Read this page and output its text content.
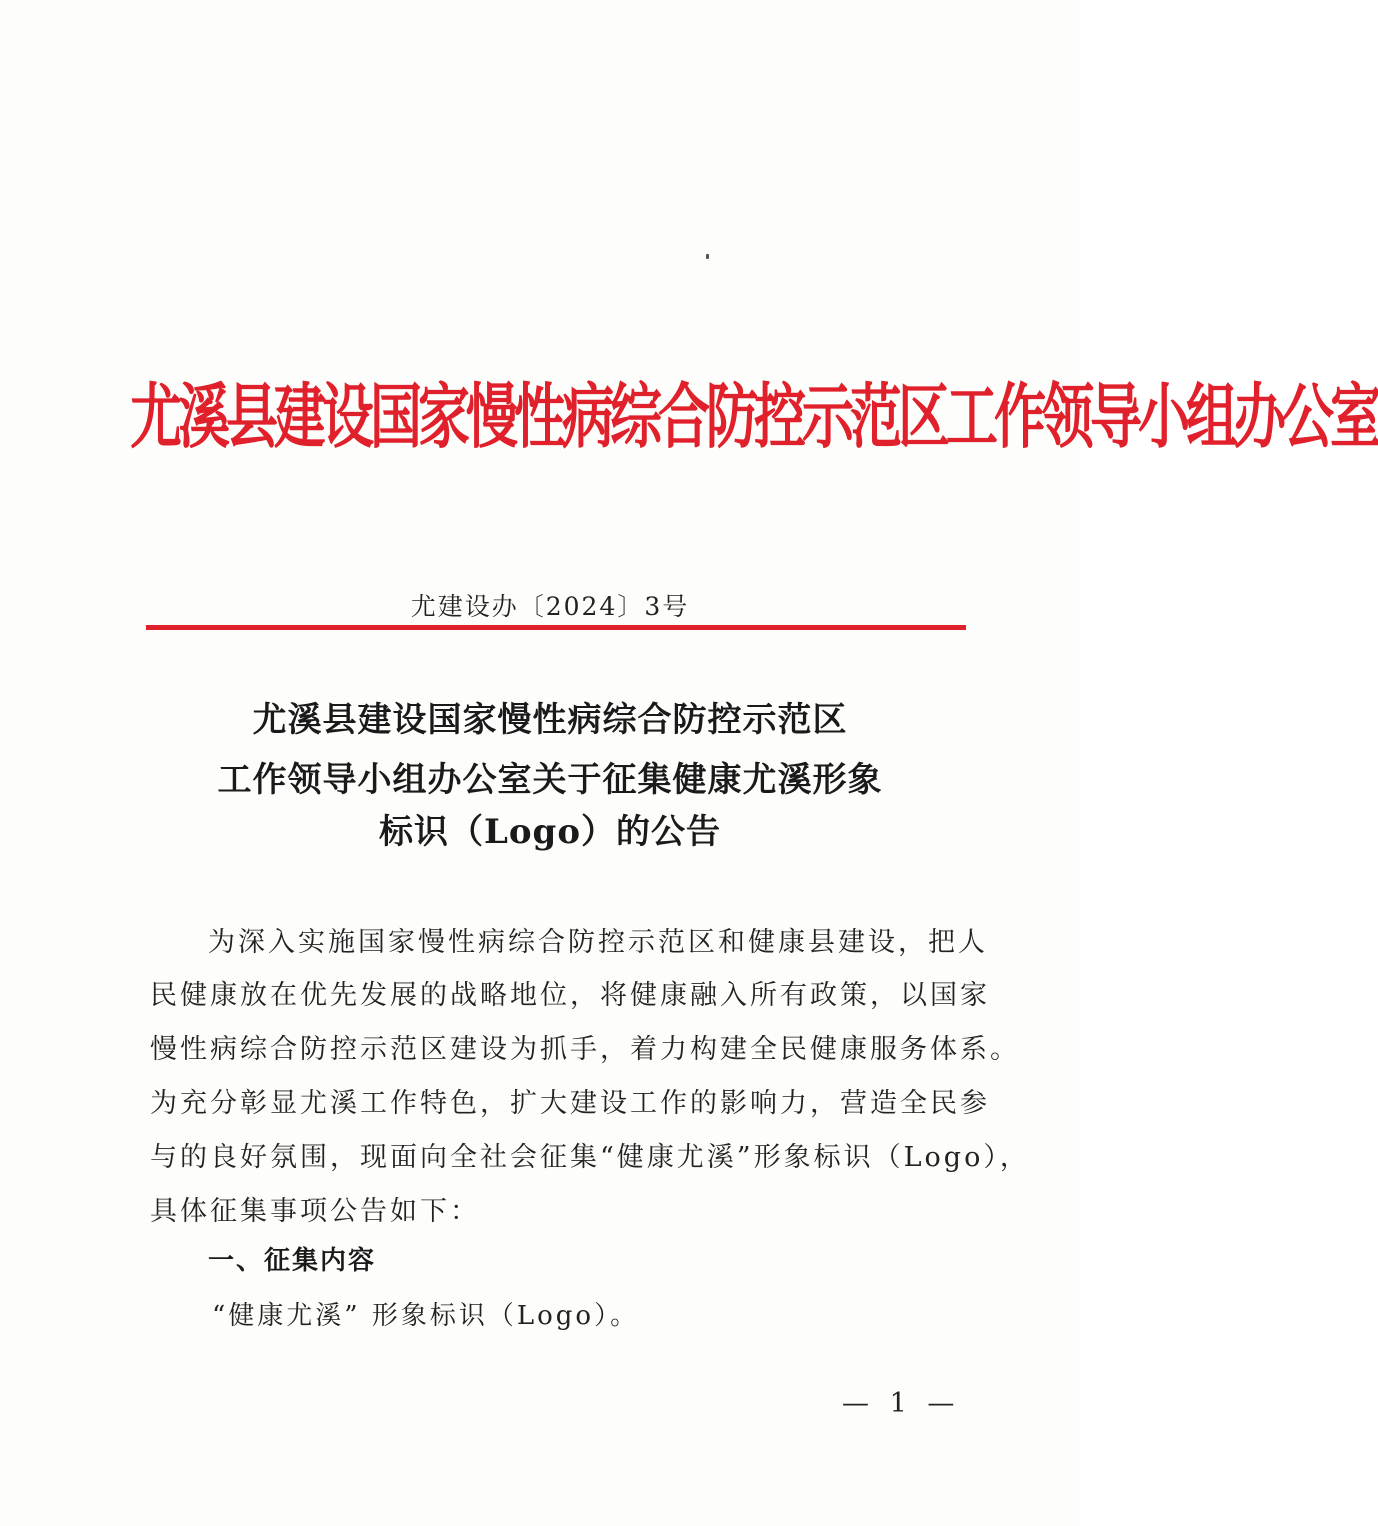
尤溪县建设国家慢性病综合防控示范区工作领导小组办公室
尤建设办〔2024〕3号
尤溪县建设国家慢性病综合防控示范区
工作领导小组办公室关于征集健康尤溪形象
标识（Logo）的公告
为深入实施国家慢性病综合防控示范区和健康县建设，把人
民健康放在优先发展的战略地位，将健康融入所有政策，以国家
慢性病综合防控示范区建设为抓手，着力构建全民健康服务体系。
为充分彰显尤溪工作特色，扩大建设工作的影响力，营造全民参
与的良好氛围，现面向全社会征集“健康尤溪”形象标识（Logo），
具体征集事项公告如下：
一、征集内容
“健康尤溪” 形象标识（Logo）。
— 1 —
